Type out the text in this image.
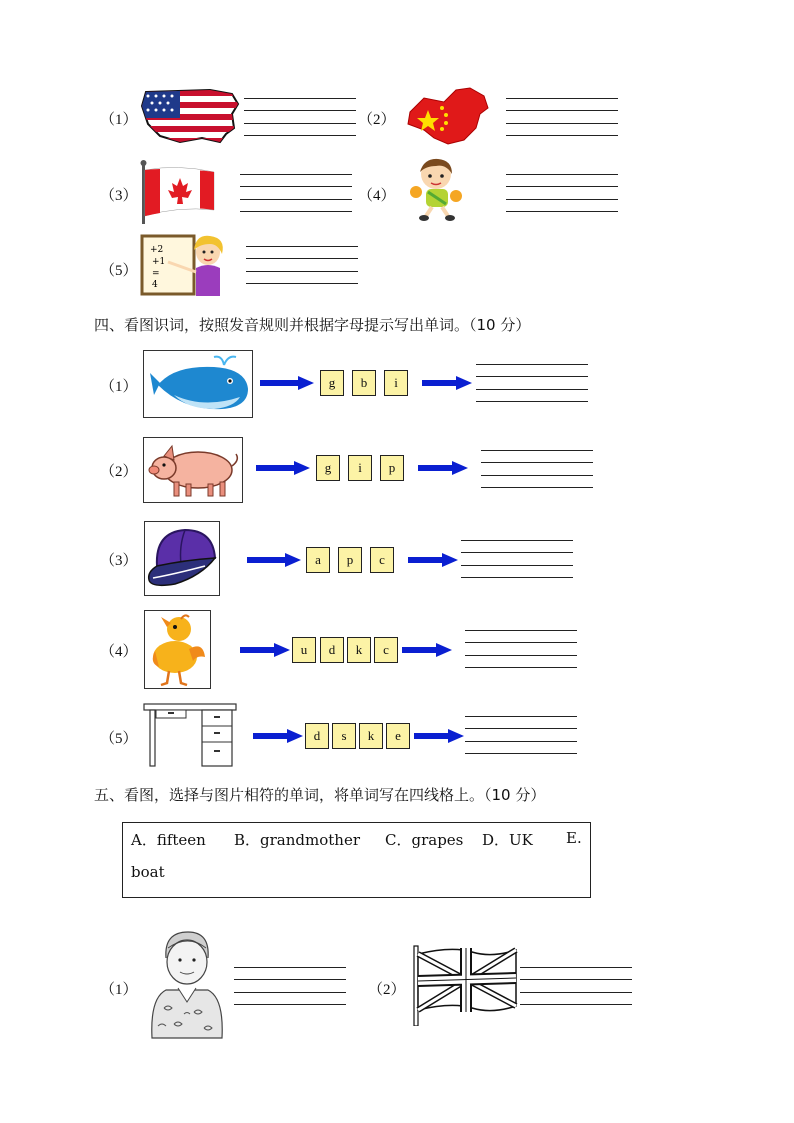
（1）	（2）
（3）	（4）
（5）
+2
+1
=
4
四、看图识词，按照发音规则并根据字母提示写出单词。（10 分）
（1）	g	b	i
（2）	g	i	p
（3）	a	p	c
（4）	u	d	k	c
（5）	d	s	k	e
五、看图，选择与图片相符的单词，将单词写在四线格上。（10 分）
A．fifteen B．grandmother C．grapes D．UK E.
boat
（1）	（2）
